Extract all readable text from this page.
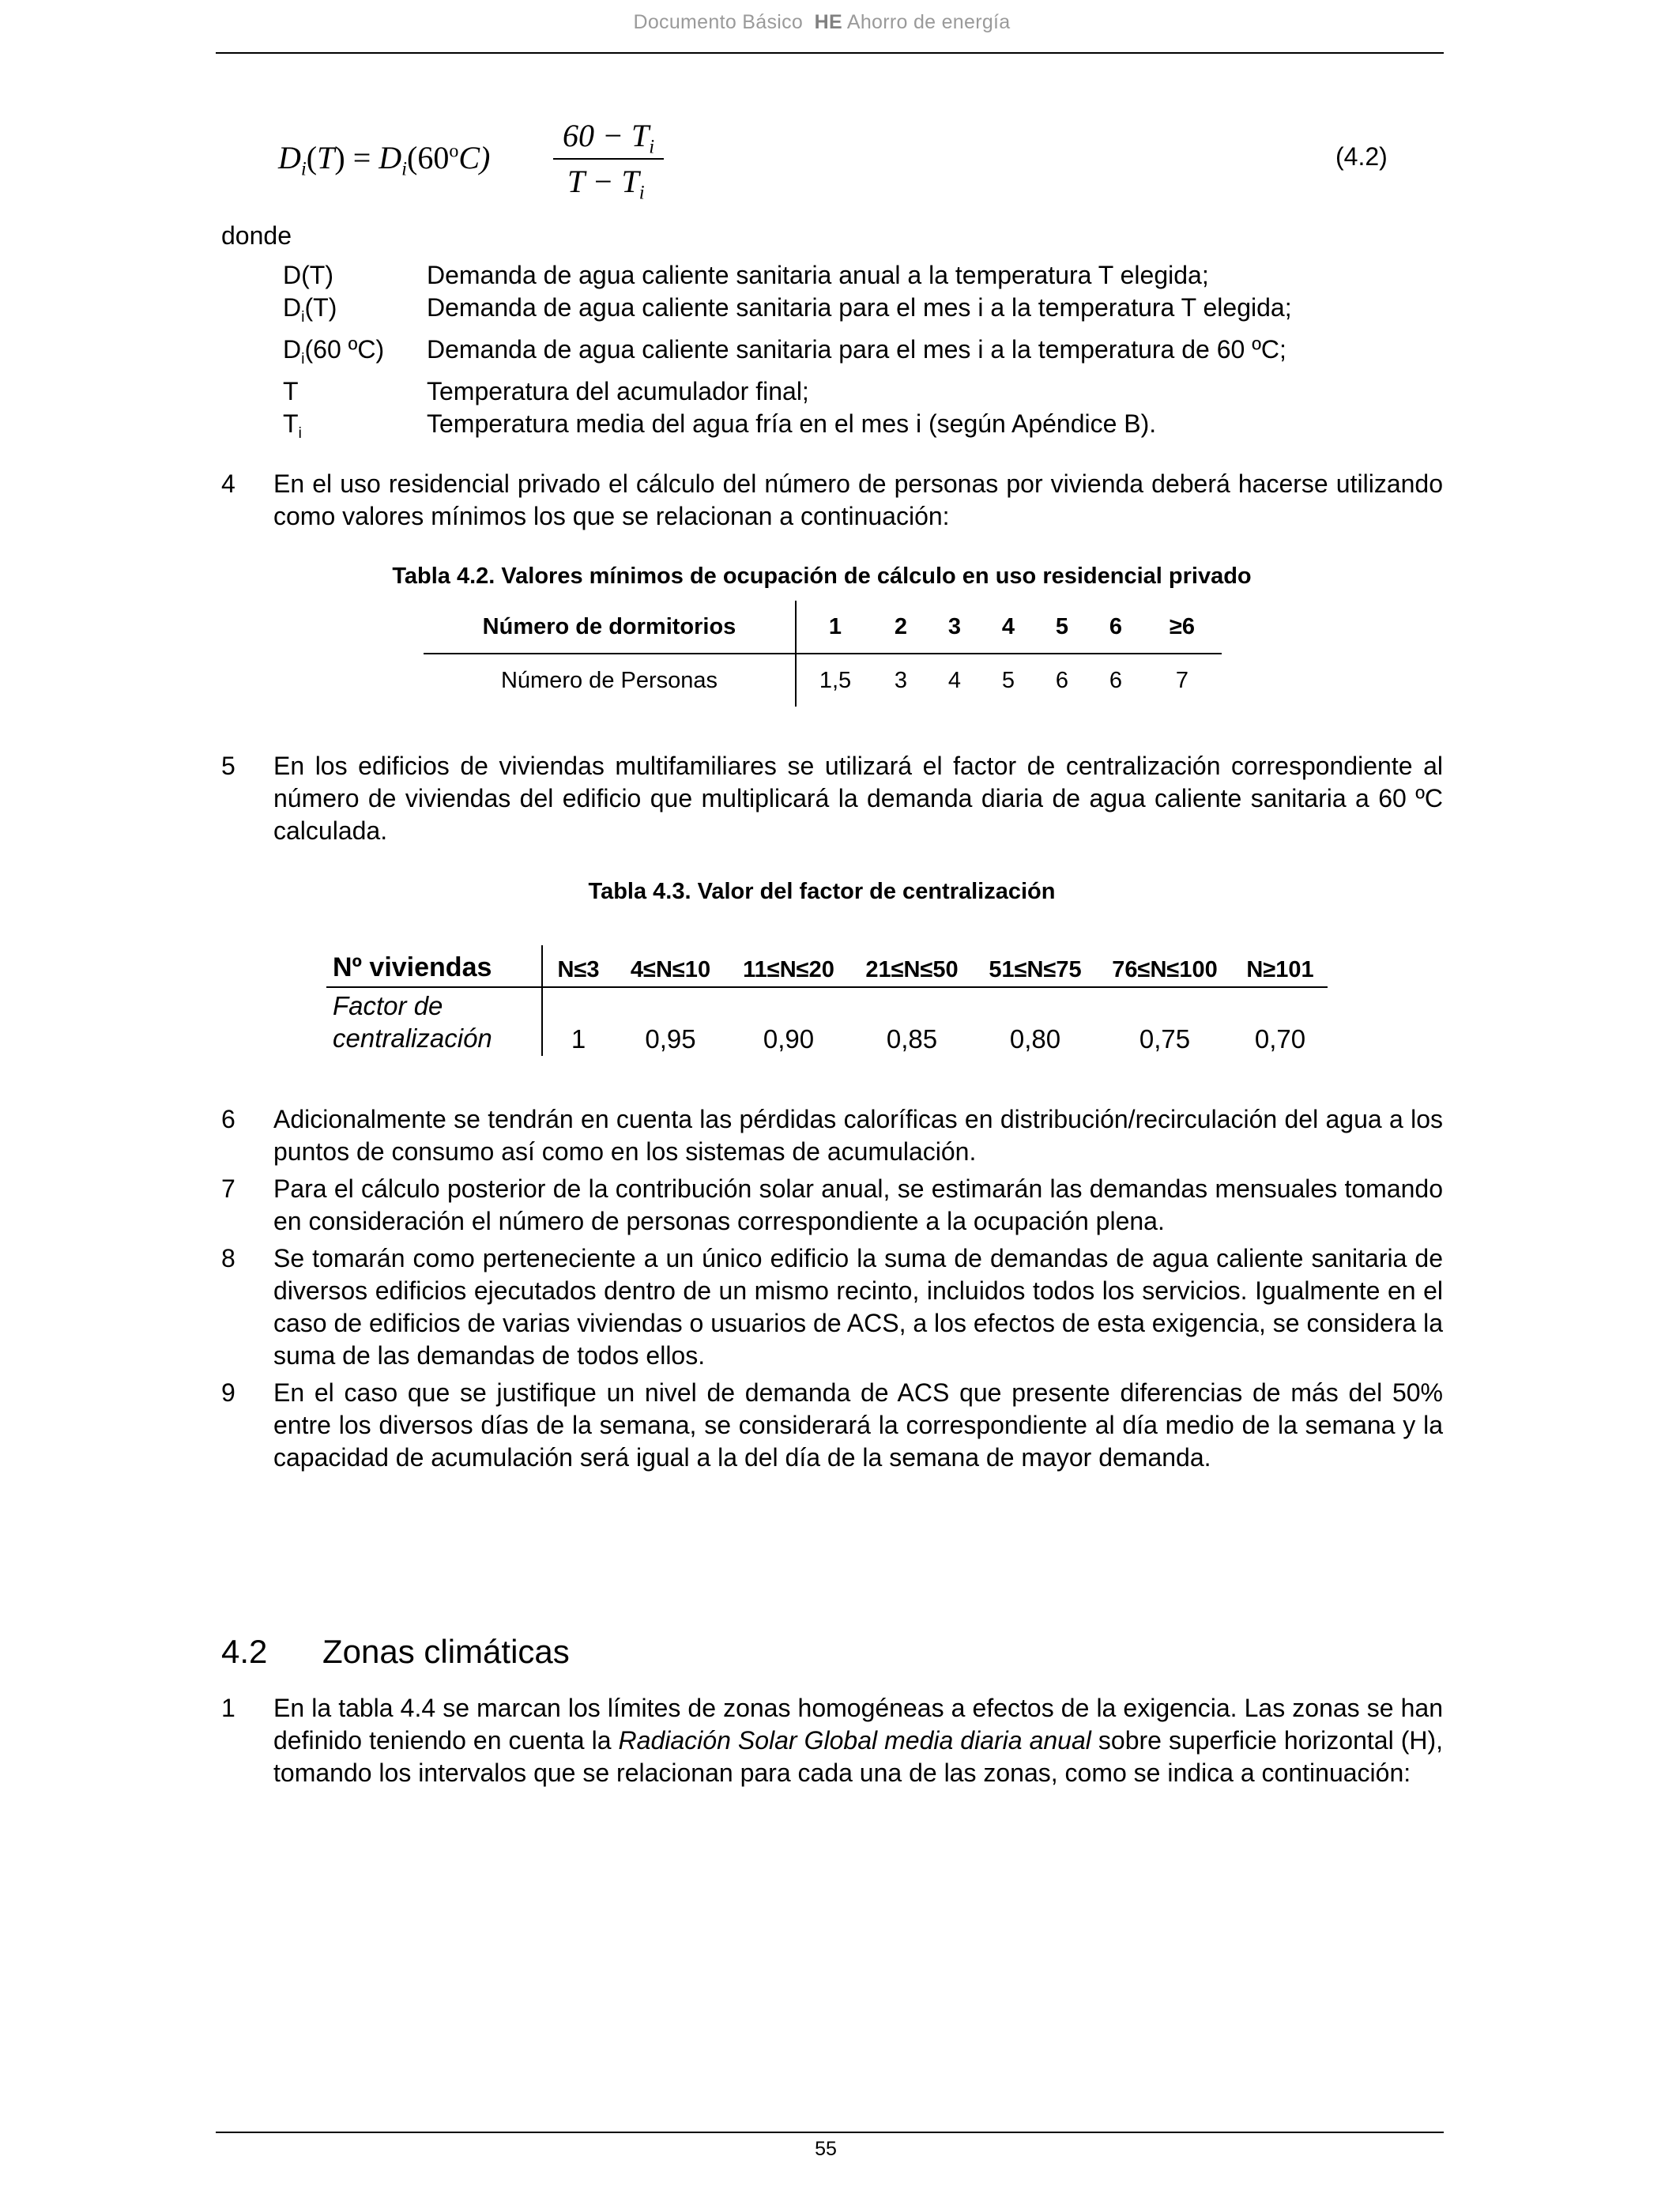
Documento Básico HE Ahorro de energía
$D_i(T) = D_i(60^oC)$
$60 - T_i$
$T - T_i$
(4.2)
donde
D(T)	Demanda de agua caliente sanitaria anual a la temperatura T elegida;
$D_i(T)$	Demanda de agua caliente sanitaria para el mes i a la temperatura T elegida;
$D_i(60$ ºC)	Demanda de agua caliente sanitaria para el mes i a la temperatura de 60 ºC;
T	Temperatura del acumulador final;
$T_i$	Temperatura media del agua fría en el mes i (según Apéndice B).
4 En el uso residencial privado el cálculo del número de personas por vivienda deberá hacerse utilizando como valores mínimos los que se relacionan a continuación:
Tabla 4.2. Valores mínimos de ocupación de cálculo en uso residencial privado
Número de dormitorios	1	2	3	4	5	6	≥6
Número de Personas	1,5	3	4	5	6	6	7
5 En los edificios de viviendas multifamiliares se utilizará el factor de centralización correspondiente al número de viviendas del edificio que multiplicará la demanda diaria de agua caliente sanitaria a 60 ºC calculada.
Tabla 4.3. Valor del factor de centralización
Nº viviendas	N≤3	4≤N≤10	11≤N≤20	21≤N≤50	51≤N≤75	76≤N≤100	N≥101
Factor de
centralización	1	0,95	0,90	0,85	0,80	0,75	0,70
6	Adicionalmente se tendrán en cuenta las pérdidas caloríficas en distribución/recirculación del agua a los puntos de consumo así como en los sistemas de acumulación.
7	Para el cálculo posterior de la contribución solar anual, se estimarán las demandas mensuales tomando en consideración el número de personas correspondiente a la ocupación plena.
8	Se tomarán como perteneciente a un único edificio la suma de demandas de agua caliente sanitaria de diversos edificios ejecutados dentro de un mismo recinto, incluidos todos los servicios. Igualmente en el caso de edificios de varias viviendas o usuarios de ACS, a los efectos de esta exigencia, se considera la suma de las demandas de todos ellos.
9	En el caso que se justifique un nivel de demanda de ACS que presente diferencias de más del 50% entre los diversos días de la semana, se considerará la correspondiente al día medio de la semana y la capacidad de acumulación será igual a la del día de la semana de mayor demanda.
4.2 Zonas climáticas
1 En la tabla 4.4 se marcan los límites de zonas homogéneas a efectos de la exigencia. Las zonas se han definido teniendo en cuenta la Radiación Solar Global media diaria anual sobre superficie horizontal (H), tomando los intervalos que se relacionan para cada una de las zonas, como se indica a continuación:
55
